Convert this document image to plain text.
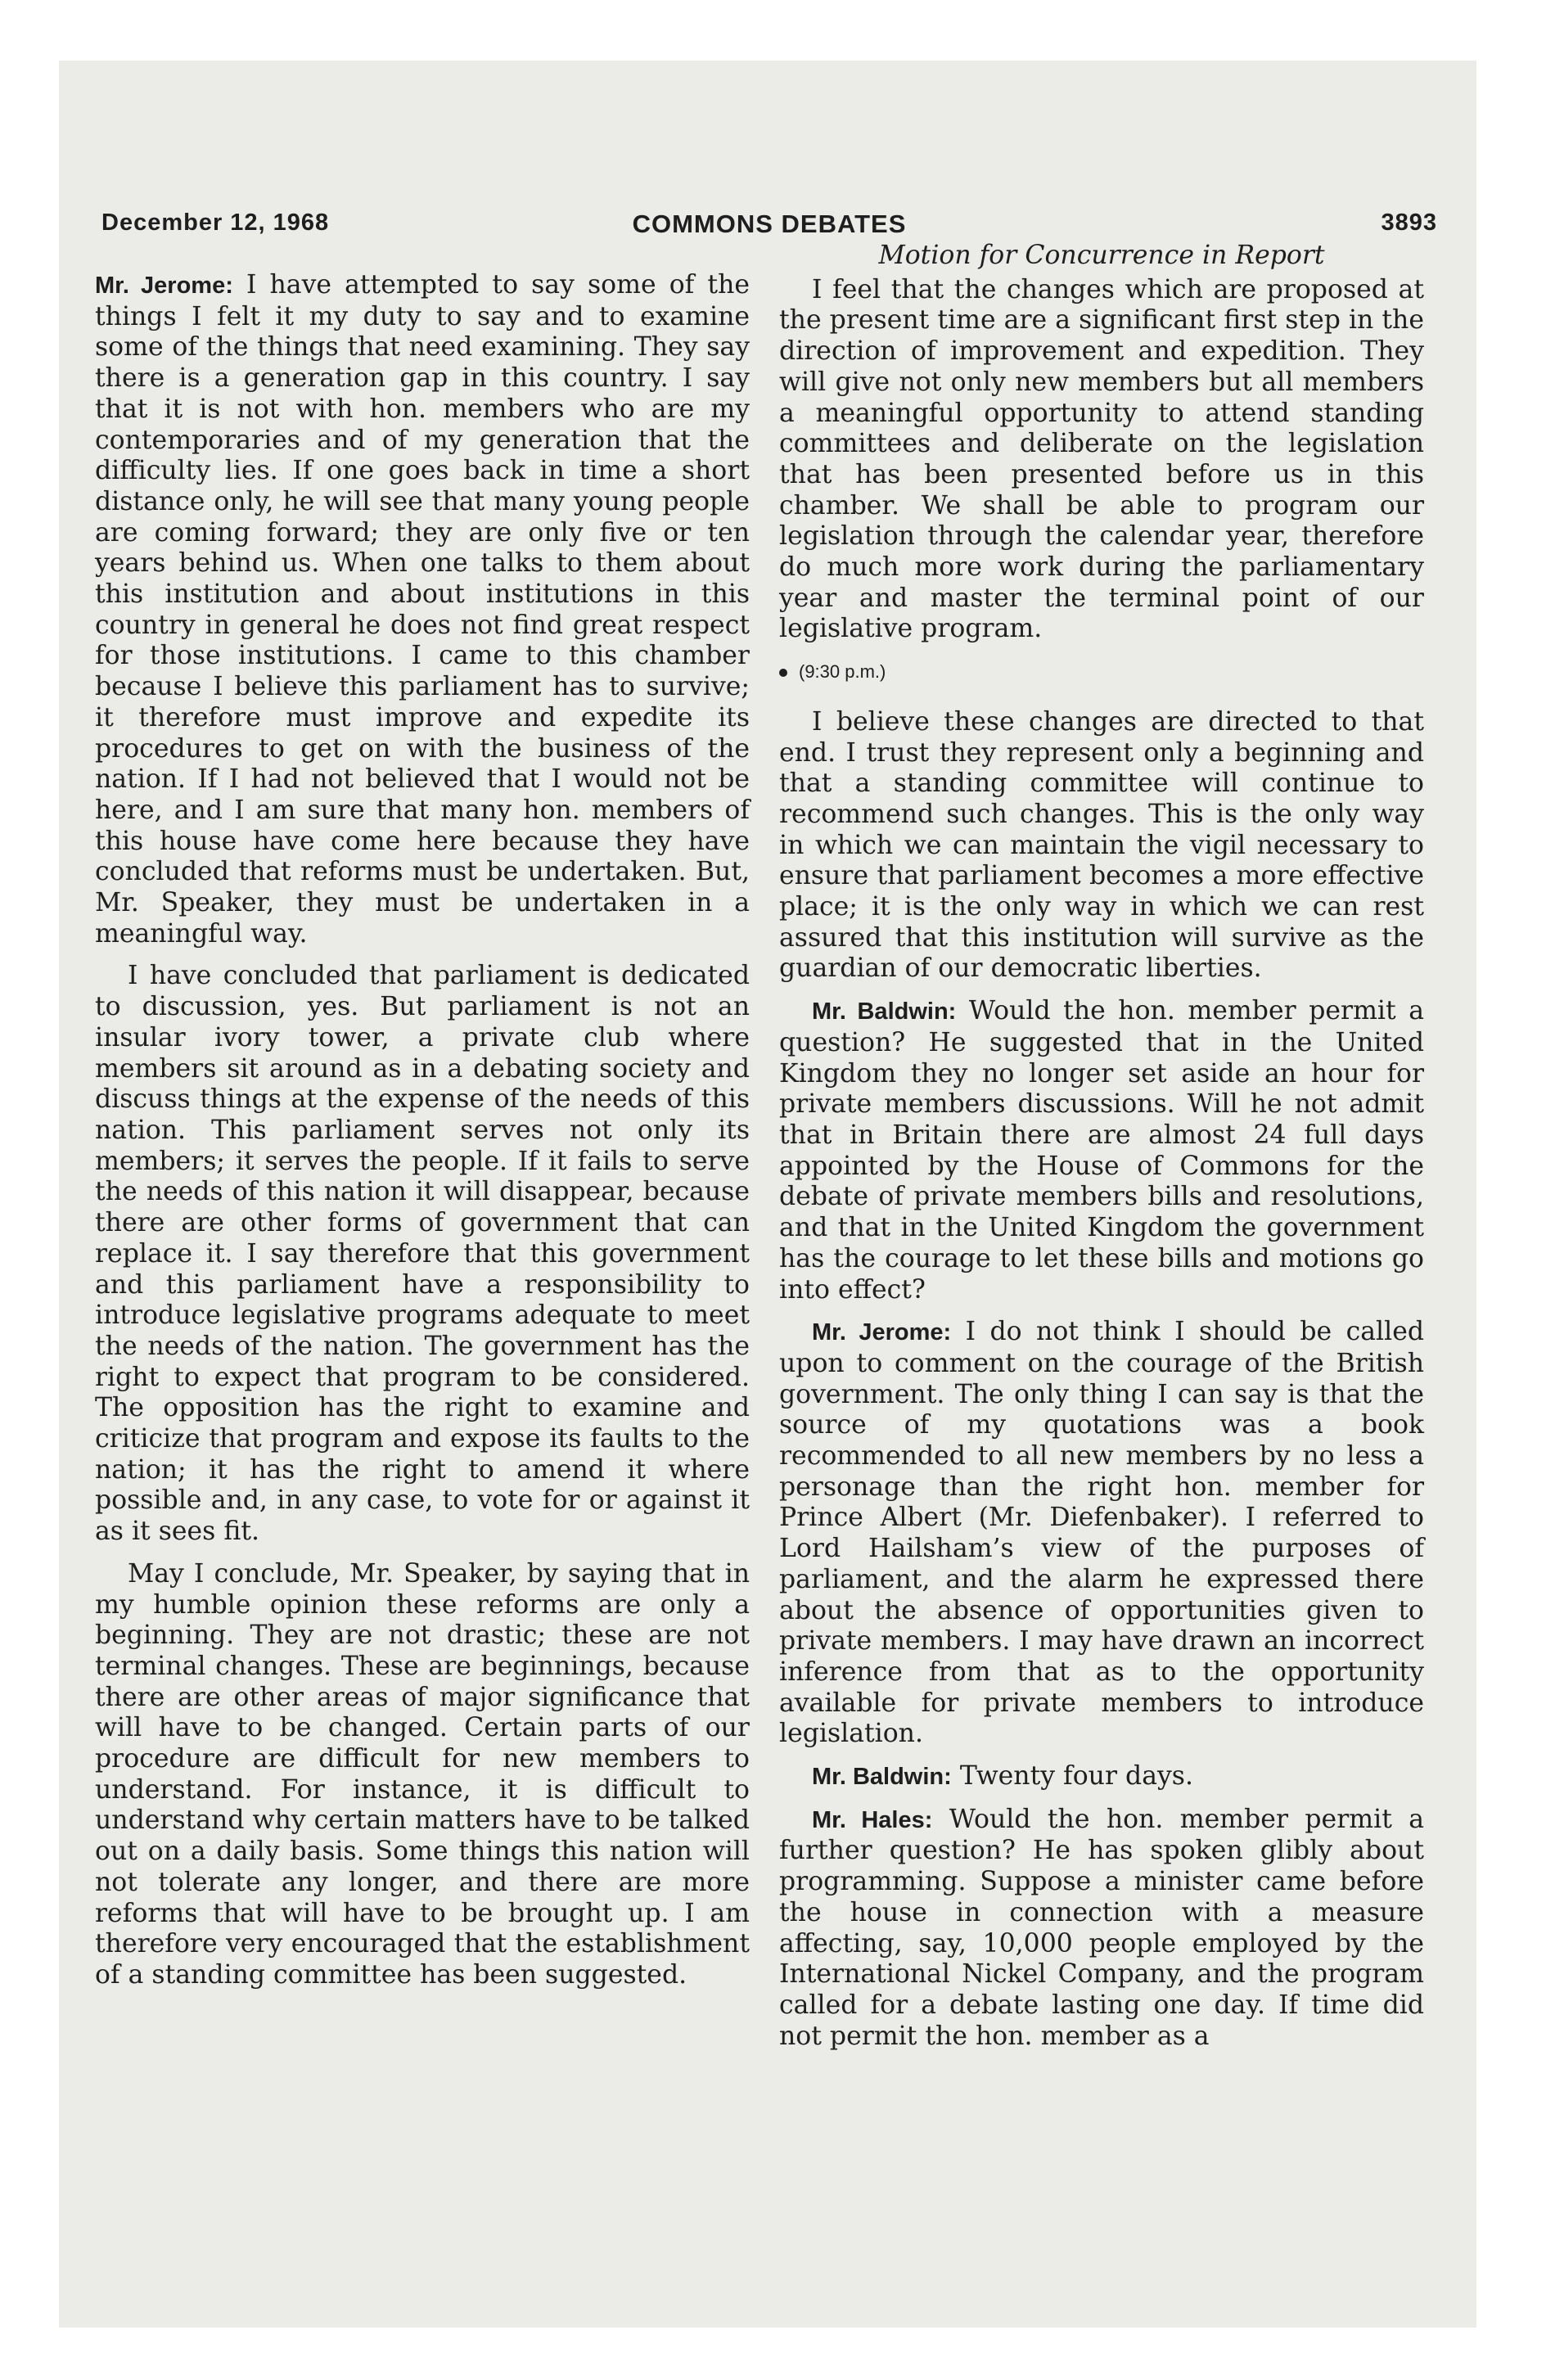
December 12, 1968	COMMONS DEBATES	3893

Mr. Jerome: I have attempted to say some of the things I felt it my duty to say and to examine some of the things that need examining. They say there is a generation gap in this country. I say that it is not with hon. members who are my contemporaries and of my generation that the difficulty lies. If one goes back in time a short distance only, he will see that many young people are coming forward; they are only five or ten years behind us. When one talks to them about this institution and about institutions in this country in general he does not find great respect for those institutions. I came to this chamber because I believe this parliament has to survive; it therefore must improve and expedite its procedures to get on with the business of the nation. If I had not believed that I would not be here, and I am sure that many hon. members of this house have come here because they have concluded that reforms must be undertaken. But, Mr. Speaker, they must be undertaken in a meaningful way.

I have concluded that parliament is dedicated to discussion, yes. But parliament is not an insular ivory tower, a private club where members sit around as in a debating society and discuss things at the expense of the needs of this nation. This parliament serves not only its members; it serves the people. If it fails to serve the needs of this nation it will disappear, because there are other forms of government that can replace it. I say therefore that this government and this parliament have a responsibility to introduce legislative programs adequate to meet the needs of the nation. The government has the right to expect that program to be considered. The opposition has the right to examine and criticize that program and expose its faults to the nation; it has the right to amend it where possible and, in any case, to vote for or against it as it sees fit.

May I conclude, Mr. Speaker, by saying that in my humble opinion these reforms are only a beginning. They are not drastic; these are not terminal changes. These are beginnings, because there are other areas of major significance that will have to be changed. Certain parts of our procedure are difficult for new members to understand. For instance, it is difficult to understand why certain matters have to be talked out on a daily basis. Some things this nation will not tolerate any longer, and there are more reforms that will have to be brought up. I am therefore very encouraged that the establishment of a standing committee has been suggested.

Motion for Concurrence in Report

I feel that the changes which are proposed at the present time are a significant first step in the direction of improvement and expedition. They will give not only new members but all members a meaningful opportunity to attend standing committees and deliberate on the legislation that has been presented before us in this chamber. We shall be able to program our legislation through the calendar year, therefore do much more work during the parliamentary year and master the terminal point of our legislative program.

(9:30 p.m.)

I believe these changes are directed to that end. I trust they represent only a beginning and that a standing committee will continue to recommend such changes. This is the only way in which we can maintain the vigil necessary to ensure that parliament becomes a more effective place; it is the only way in which we can rest assured that this institution will survive as the guardian of our democratic liberties.

Mr. Baldwin: Would the hon. member permit a question? He suggested that in the United Kingdom they no longer set aside an hour for private members discussions. Will he not admit that in Britain there are almost 24 full days appointed by the House of Commons for the debate of private members bills and resolutions, and that in the United Kingdom the government has the courage to let these bills and motions go into effect?

Mr. Jerome: I do not think I should be called upon to comment on the courage of the British government. The only thing I can say is that the source of my quotations was a book recommended to all new members by no less a personage than the right hon. member for Prince Albert (Mr. Diefenbaker). I referred to Lord Hailsham’s view of the purposes of parliament, and the alarm he expressed there about the absence of opportunities given to private members. I may have drawn an incorrect inference from that as to the opportunity available for private members to introduce legislation.

Mr. Baldwin: Twenty four days.

Mr. Hales: Would the hon. member permit a further question? He has spoken glibly about programming. Suppose a minister came before the house in connection with a measure affecting, say, 10,000 people employed by the International Nickel Company, and the program called for a debate lasting one day. If time did not permit the hon. member as a
